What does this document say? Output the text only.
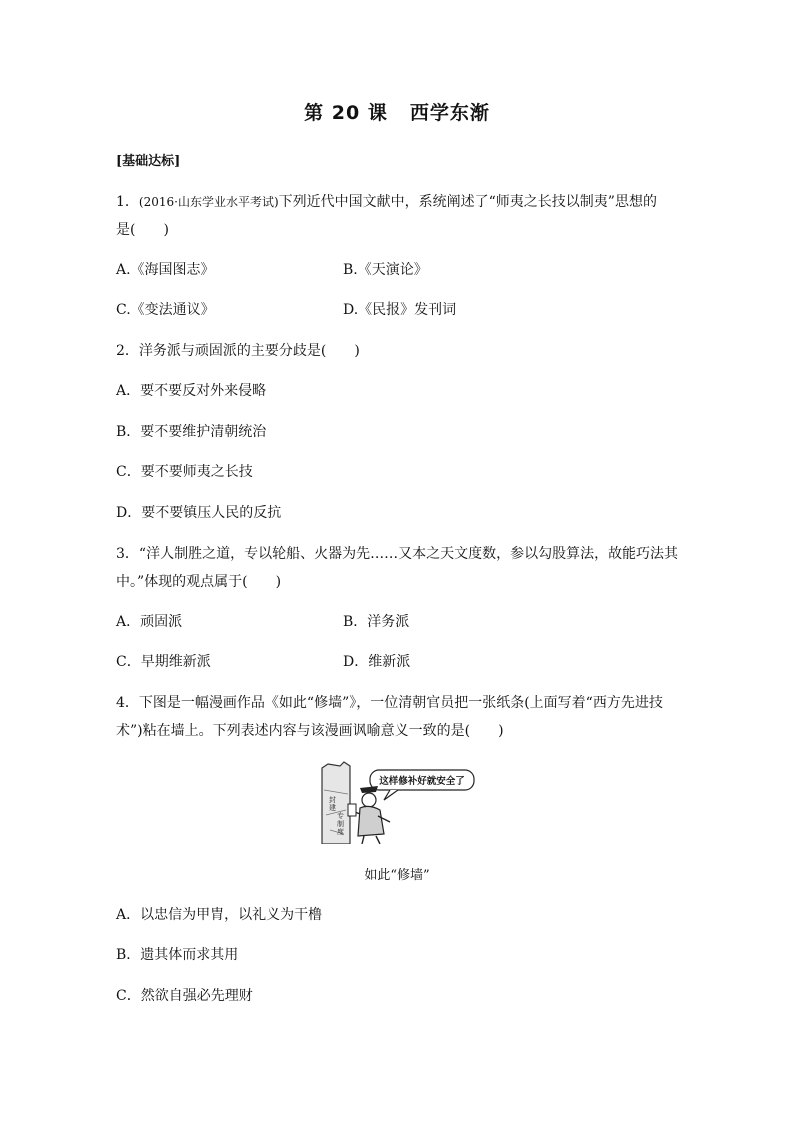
第 20 课 西学东渐
[基础达标]
1．(2016·山东学业水平考试)下列近代中国文献中，系统阐述了“师夷之长技以制夷”思想的
是(　　)
A.《海国图志》	B.《天演论》
C.《变法通议》	D.《民报》发刊词
2．洋务派与顽固派的主要分歧是(　　)
A．要不要反对外来侵略
B．要不要维护清朝统治
C．要不要师夷之长技
D．要不要镇压人民的反抗
3．“洋人制胜之道，专以轮船、火器为先……又本之天文度数，参以勾股算法，故能巧法其
中。”体现的观点属于(　　)
A．顽固派	B．洋务派
C．早期维新派	D．维新派
4．下图是一幅漫画作品《如此“修墙”》，一位清朝官员把一张纸条(上面写着“西方先进技
术”)粘在墙上。下列表述内容与该漫画讽喻意义一致的是(　　)
封
建
专
制
度
这样修补好就安全了
如此“修墙”
A．以忠信为甲胄，以礼义为干橹
B．遗其体而求其用
C．然欲自强必先理财
